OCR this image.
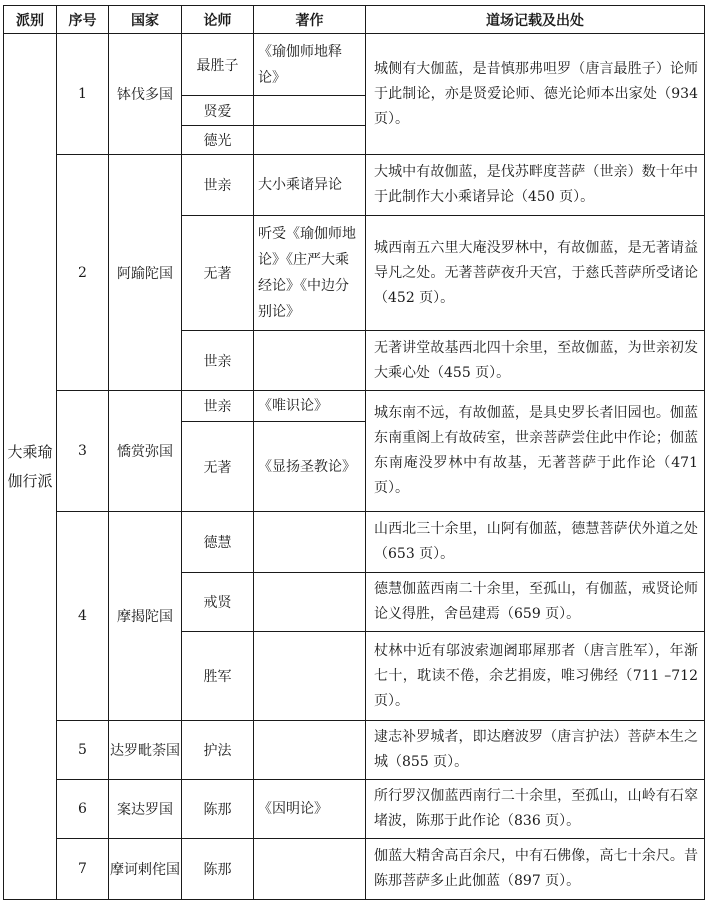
派别	序号	国家	论师	著作	道场记载及出处
大乘瑜伽行派	1	钵伐多国	最胜子	《瑜伽师地释论》	城侧有大伽蓝，是昔慎那弗呾罗（唐言最胜子）论师于此制论，亦是贤爱论师、德光论师本出家处（934 页）。
			贤爱		
			德光		
	2	阿踰陀国	世亲	大小乘诸异论	大城中有故伽蓝，是伐苏畔度菩萨（世亲）数十年中于此制作大小乘诸异论（450 页）。
			无著	听受《瑜伽师地论》《庄严大乘经论》《中边分别论》	城西南五六里大庵没罗林中，有故伽蓝，是无著请益导凡之处。无著菩萨夜升天宫，于慈氏菩萨所受诸论（452 页）。
			世亲		无著讲堂故基西北四十余里，至故伽蓝，为世亲初发大乘心处（455 页）。
	3	憍赏弥国	世亲	《唯识论》	城东南不远，有故伽蓝，是具史罗长者旧园也。伽蓝东南重阁上有故砖室，世亲菩萨尝住此中作论；伽蓝东南庵没罗林中有故基，无著菩萨于此作论（471 页）。
			无著	《显扬圣教论》	
	4	摩揭陀国	德慧		山西北三十余里，山阿有伽蓝，德慧菩萨伏外道之处（653 页）。
			戒贤		德慧伽蓝西南二十余里，至孤山，有伽蓝，戒贤论师论义得胜，舍邑建焉（659 页）。
			胜军		杖林中近有邬波索迦阇耶犀那者（唐言胜军），年渐七十，耽读不倦，余艺捐废，唯习佛经（711 –712 页）。
	5	达罗毗荼国	护法		逮志补罗城者，即达磨波罗（唐言护法）菩萨本生之城（855 页）。
	6	案达罗国	陈那	《因明论》	所行罗汉伽蓝西南行二十余里，至孤山，山岭有石窣堵波，陈那于此作论（836 页）。
	7	摩诃剌侘国	陈那		伽蓝大精舍高百余尺，中有石佛像，高七十余尺。昔陈那菩萨多止此伽蓝（897 页）。
